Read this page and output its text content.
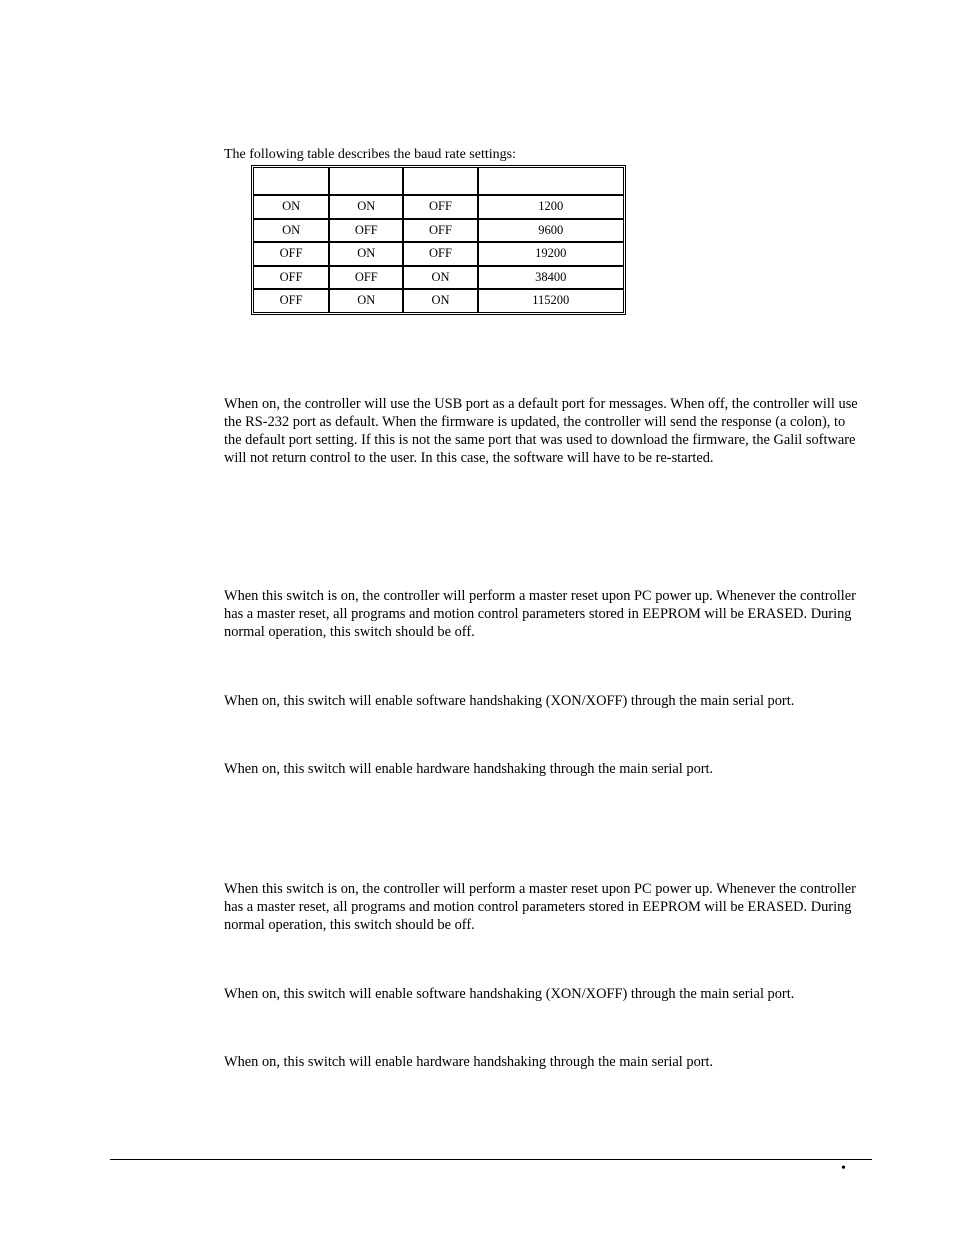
The following table describes the baud rate settings:

ON	ON	OFF	1200
ON	OFF	OFF	9600
OFF	ON	OFF	19200
OFF	OFF	ON	38400
OFF	ON	ON	115200

When on, the controller will use the USB port as a default port for messages. When off, the controller will use the RS-232 port as default. When the firmware is updated, the controller will send the response (a colon), to the default port setting. If this is not the same port that was used to download the firmware, the Galil software will not return control to the user. In this case, the software will have to be re-started.

When this switch is on, the controller will perform a master reset upon PC power up. Whenever the controller has a master reset, all programs and motion control parameters stored in EEPROM will be ERASED. During normal operation, this switch should be off.

When on, this switch will enable software handshaking (XON/XOFF) through the main serial port.

When on, this switch will enable hardware handshaking through the main serial port.

When this switch is on, the controller will perform a master reset upon PC power up. Whenever the controller has a master reset, all programs and motion control parameters stored in EEPROM will be ERASED. During normal operation, this switch should be off.

When on, this switch will enable software handshaking (XON/XOFF) through the main serial port.

When on, this switch will enable hardware handshaking through the main serial port.

•
